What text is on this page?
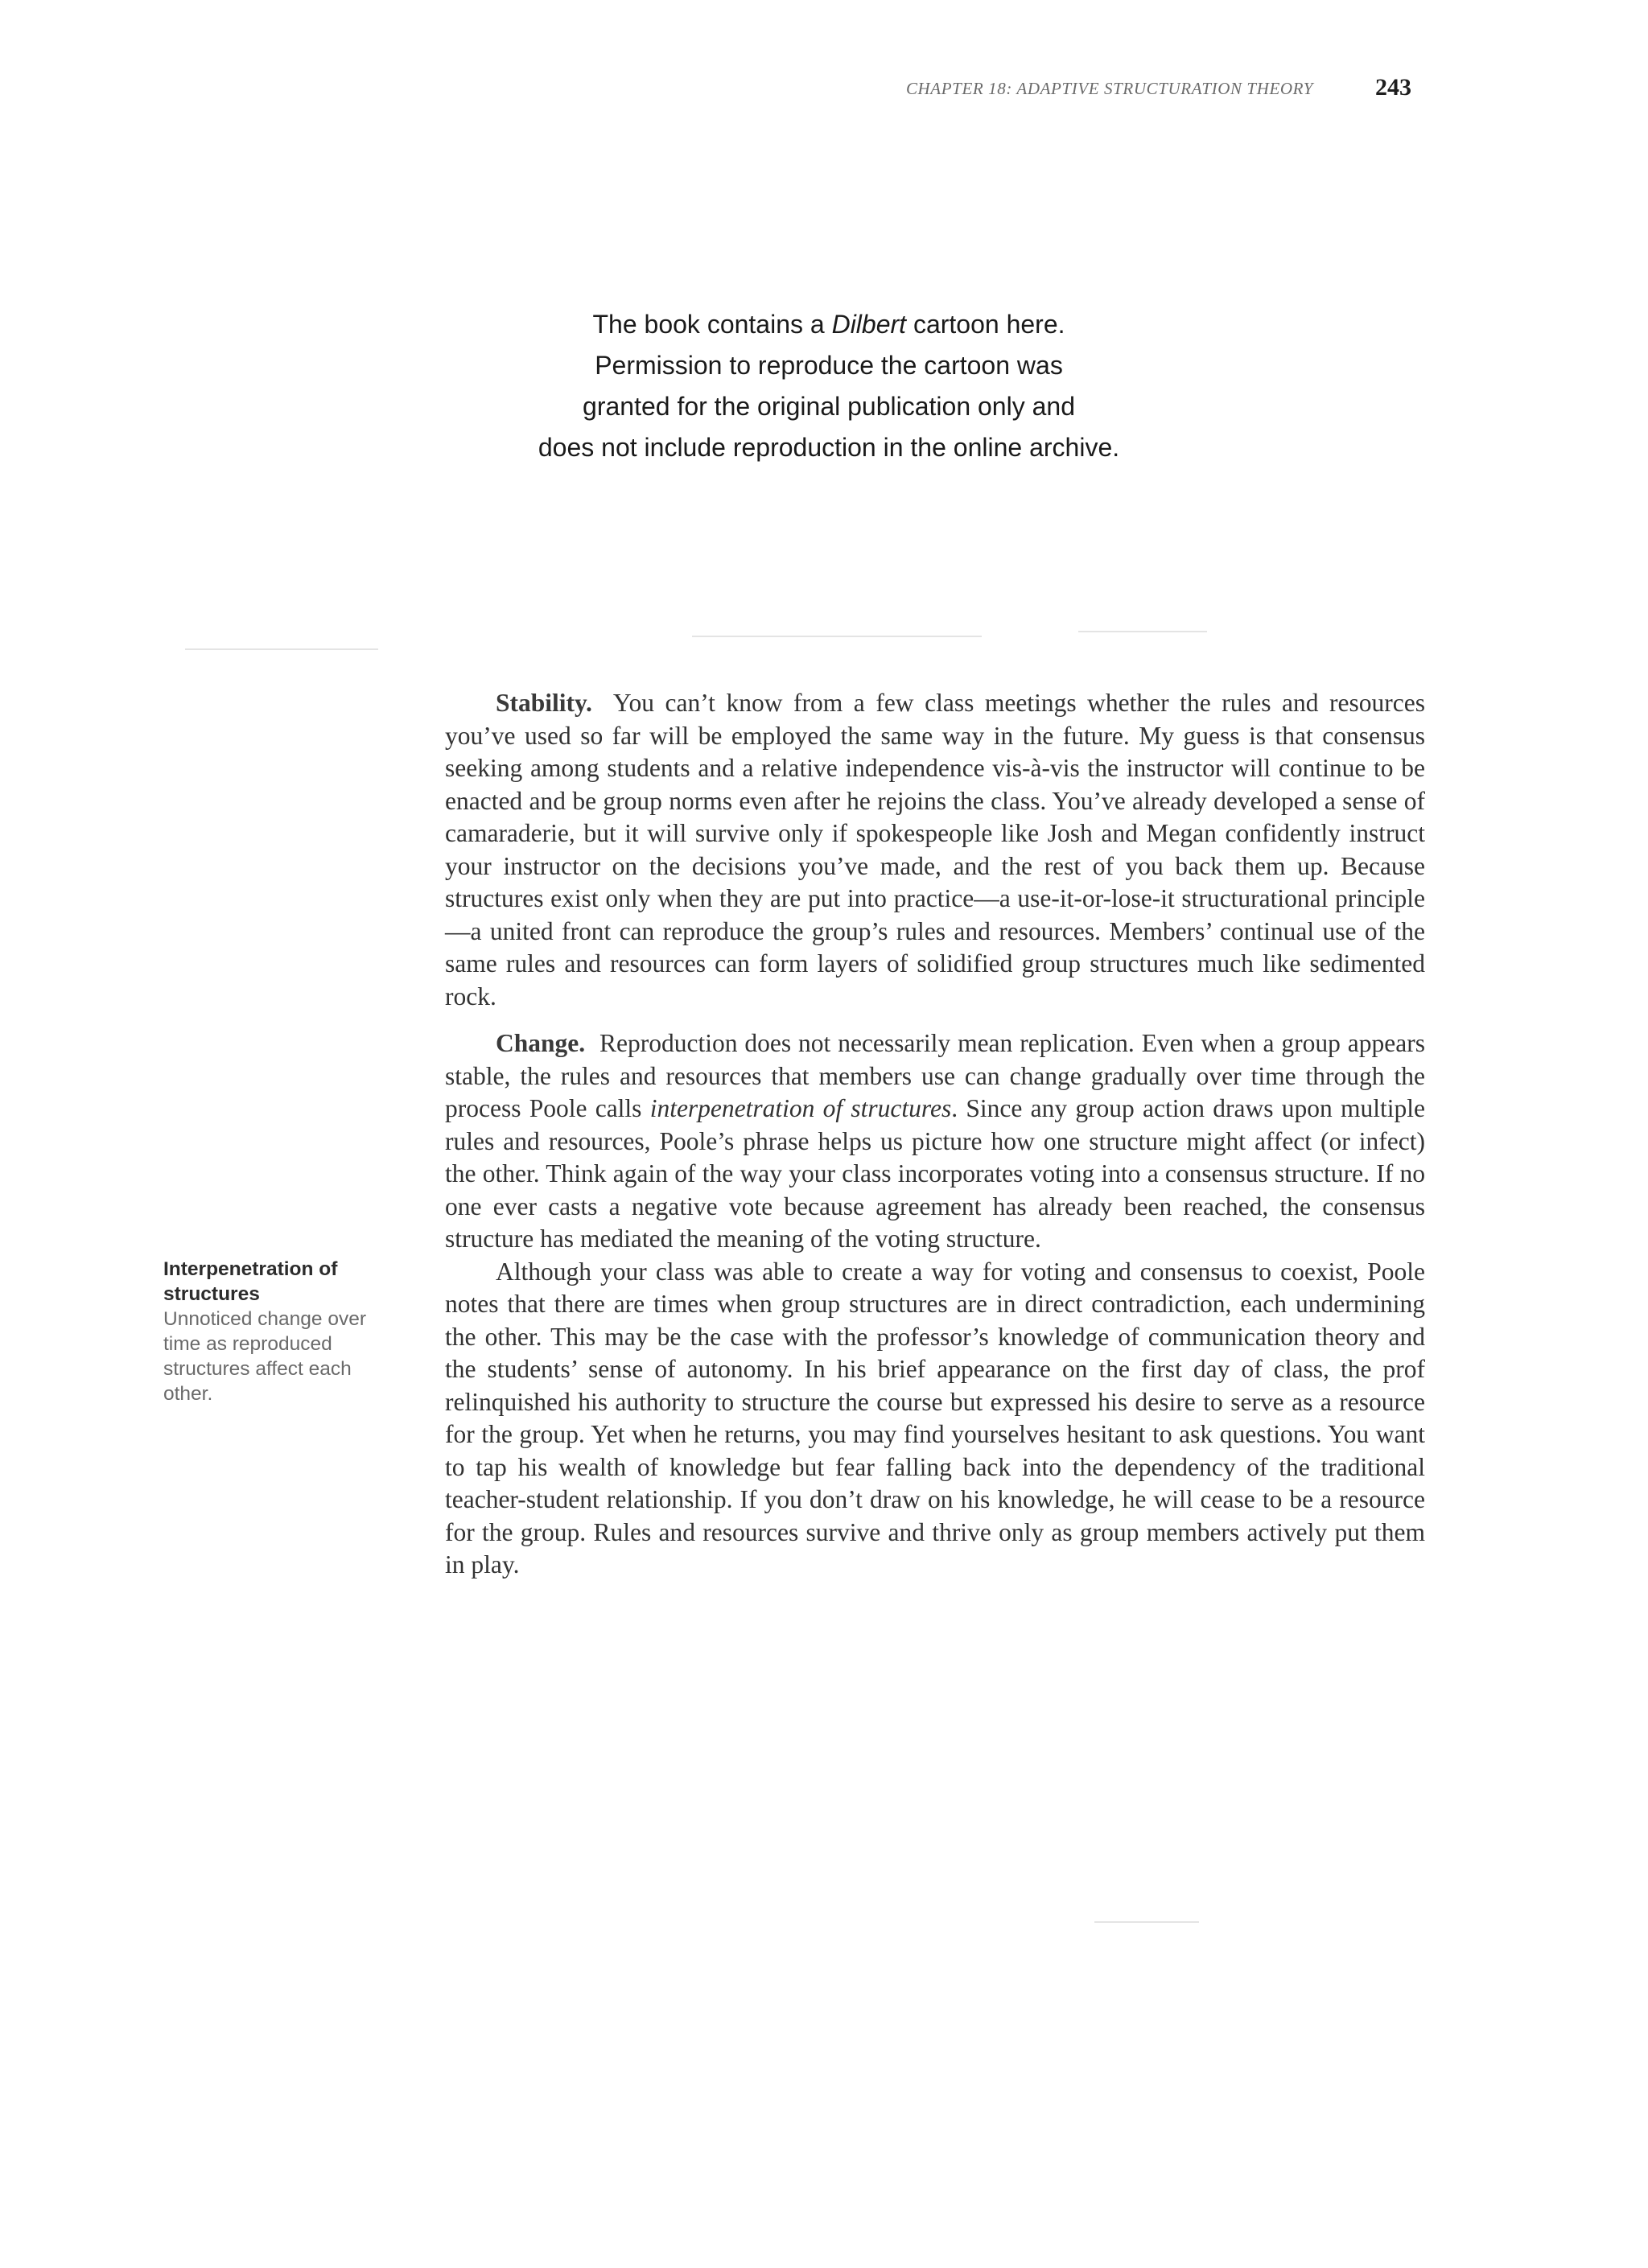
CHAPTER 18: ADAPTIVE STRUCTURATION THEORY	243
The book contains a Dilbert cartoon here.
Permission to reproduce the cartoon was
granted for the original publication only and
does not include reproduction in the online archive.

Stability. You can’t know from a few class meetings whether the rules and resources you’ve used so far will be employed the same way in the future. My guess is that consensus seeking among students and a relative independence vis-à-vis the instructor will continue to be enacted and be group norms even after he rejoins the class. You’ve already developed a sense of camaraderie, but it will survive only if spokespeople like Josh and Megan confidently instruct your instructor on the decisions you’ve made, and the rest of you back them up. Because structures exist only when they are put into practice—a use-it-or-lose-it structurational principle—a united front can reproduce the group’s rules and resources. Members’ continual use of the same rules and resources can form layers of solidified group structures much like sedimented rock.

Change. Reproduction does not necessarily mean replication. Even when a group appears stable, the rules and resources that members use can change gradually over time through the process Poole calls interpenetration of structures. Since any group action draws upon multiple rules and resources, Poole’s phrase helps us picture how one structure might affect (or infect) the other. Think again of the way your class incorporates voting into a consensus structure. If no one ever casts a negative vote because agreement has already been reached, the consensus structure has mediated the meaning of the voting structure.

Although your class was able to create a way for voting and consensus to coexist, Poole notes that there are times when group structures are in direct contradiction, each undermining the other. This may be the case with the professor’s knowledge of communication theory and the students’ sense of autonomy. In his brief appearance on the first day of class, the prof relinquished his authority to structure the course but expressed his desire to serve as a resource for the group. Yet when he returns, you may find yourselves hesitant to ask questions. You want to tap his wealth of knowledge but fear falling back into the dependency of the traditional teacher-student relationship. If you don’t draw on his knowledge, he will cease to be a resource for the group. Rules and resources survive and thrive only as group members actively put them in play.

Interpenetration of structures
Unnoticed change over time as reproduced structures affect each other.
